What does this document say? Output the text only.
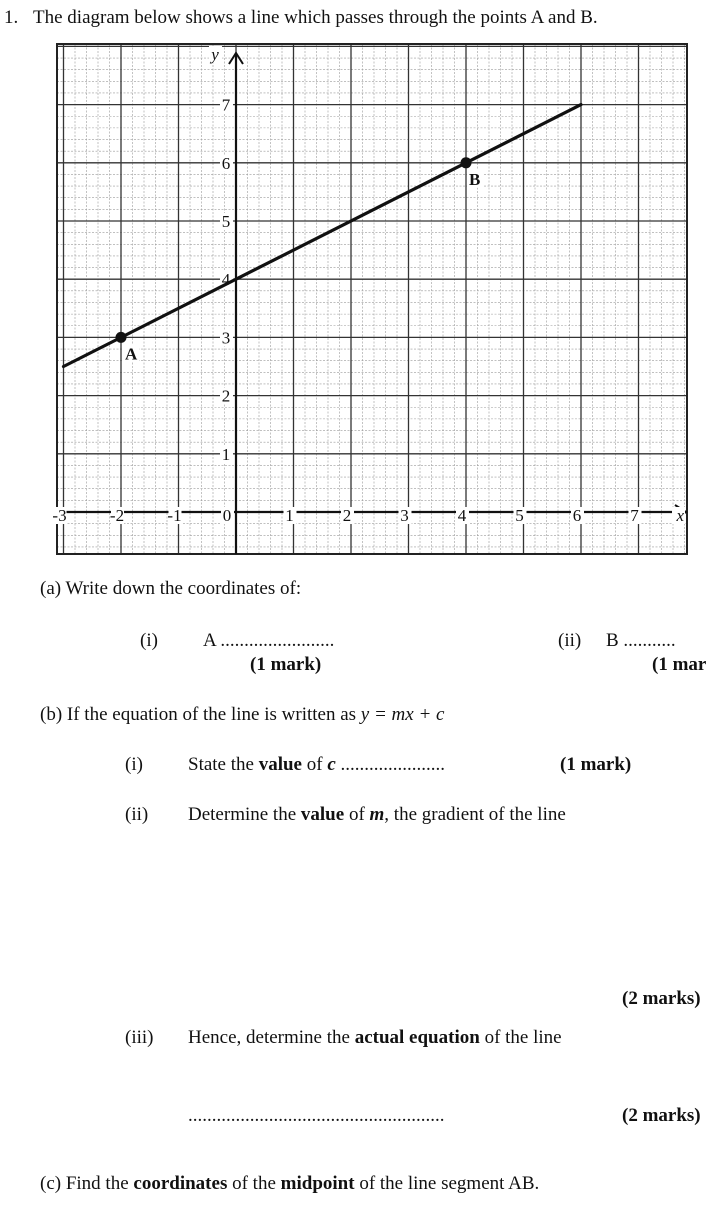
1. The diagram below shows a line which passes through the points A and B.
-3	-2	-1 0	1	2	3	4	5	6	7
1
2
3
4
5
6
7
x
y
A
B
(a) Write down the coordinates of:
(i) A ........................
(1 mark)
(ii) B ...........
(1 mar
(b) If the equation of the line is written as y = mx + c
(i) State the value of c ......................	(1 mark)
(ii) Determine the value of m, the gradient of the line
(2 marks)
(iii) Hence, determine the actual equation of the line
......................................................	(2 marks)
(c) Find the coordinates of the midpoint of the line segment AB.
